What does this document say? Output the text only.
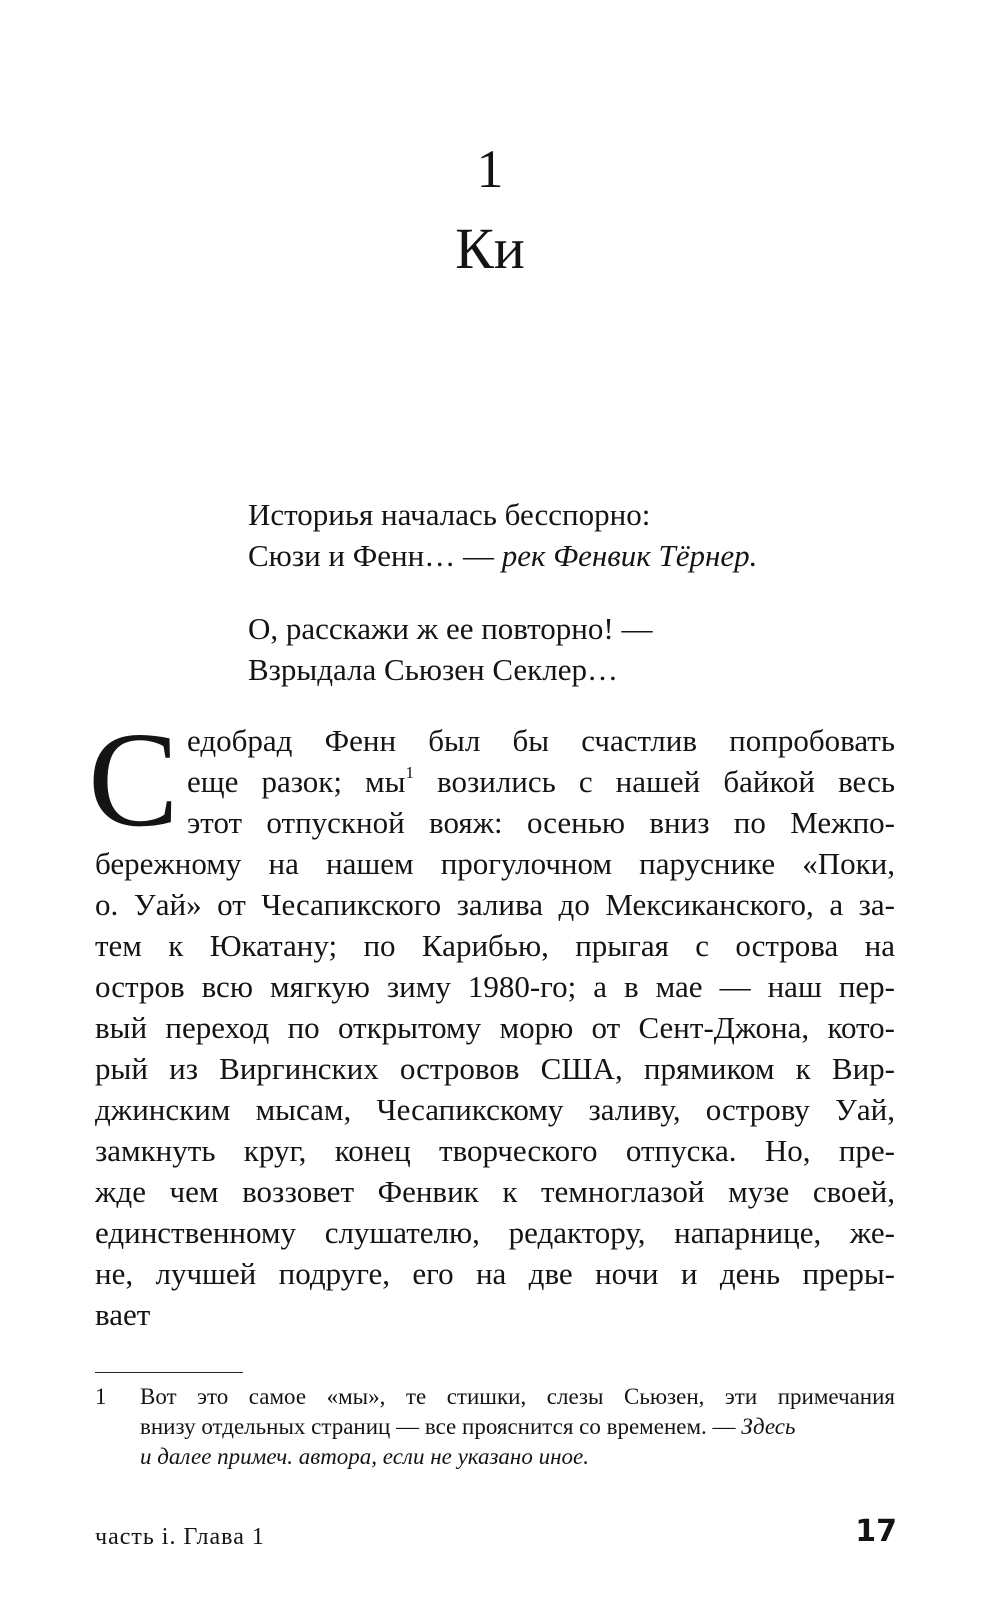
1
Ки
Историья началась бесспорно:
Сюзи и Фенн… — рек Фенвик Тёрнер.
О, расскажи ж ее повторно! —
Взрыдала Сьюзен Секлер…
С едобрад Фенн был бы счастлив попробовать
еще разок; мы$^1$ возились с нашей байкой весь
этот отпускной вояж: осенью вниз по Межпо-
бережному на нашем прогулочном паруснике «Поки,
о. Уай» от Чесапикского залива до Мексиканского, а за-
тем к Юкатану; по Карибью, прыгая с острова на
остров всю мягкую зиму 1980-го; а в мае — наш пер-
вый переход по открытому морю от Сент-Джона, кото-
рый из Виргинских островов США, прямиком к Вир-
джинским мысам, Чесапикскому заливу, острову Уай,
замкнуть круг, конец творческого отпуска. Но, пре-
жде чем воззовет Фенвик к темноглазой музе своей,
единственному слушателю, редактору, напарнице, же-
не, лучшей подруге, его на две ночи и день преры-
вает
1 Вот это самое «мы», те стишки, слезы Сьюзен, эти примечания
внизу отдельных страниц — все прояснится со временем. — Здесь
и далее примеч. автора, если не указано иное.
часть i. Глава 1	17
